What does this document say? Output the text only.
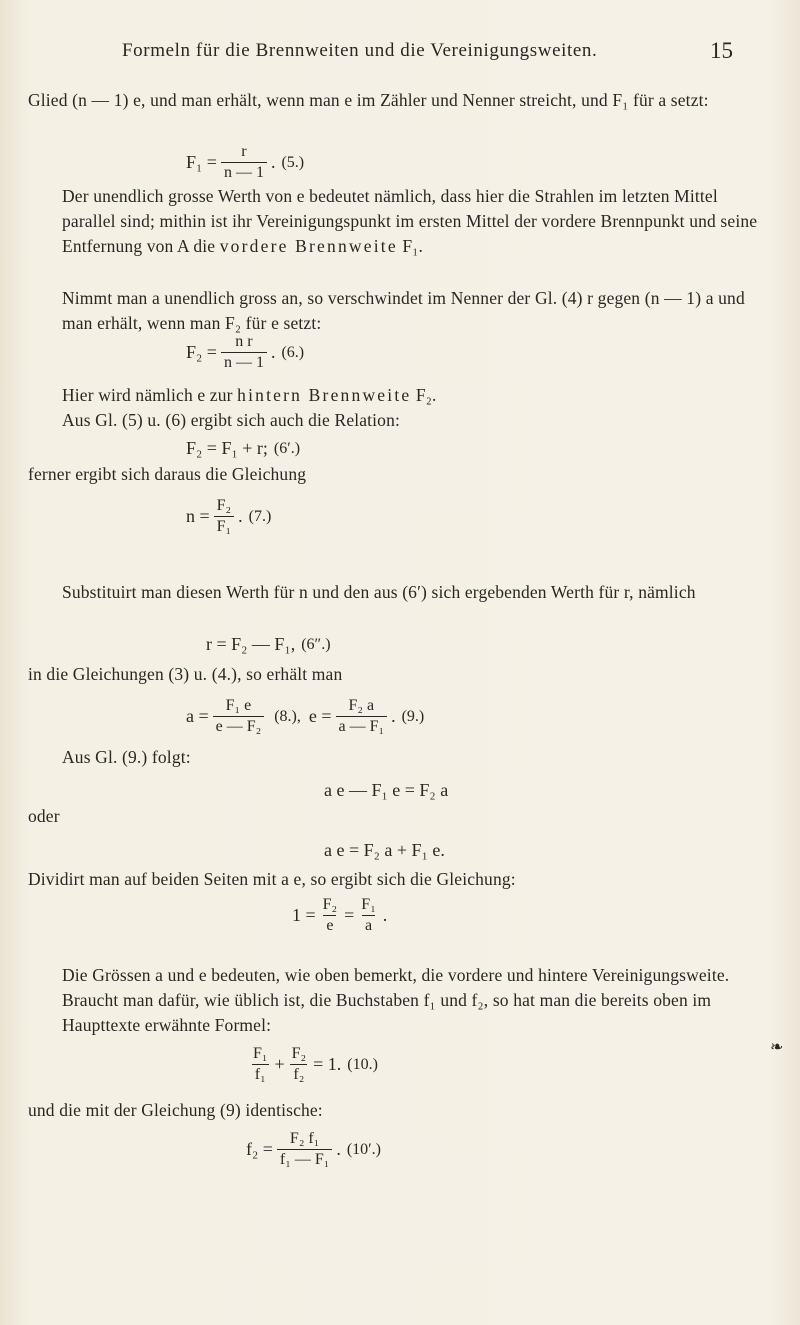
Formeln für die Brennweiten und die Vereinigungsweiten.	15

Glied (n — 1) e, und man erhält, wenn man e im Zähler und Nenner streicht, und F₁ für a setzt:

$F_1 = \frac{r}{n — 1}$ . (5.)

Der unendlich grosse Werth von e bedeutet nämlich, dass hier die Strahlen im letzten Mittel parallel sind; mithin ist ihr Vereinigungspunkt im ersten Mittel der vordere Brennpunkt und seine Entfernung von A die vordere Brennweite F₁.

Nimmt man a unendlich gross an, so verschwindet im Nenner der Gl. (4) r gegen (n — 1) a und man erhält, wenn man F₂ für e setzt:

$F_2 = \frac{\text{n r}}{n — 1}$ . (6.)

Hier wird nämlich e zur hintern Brennweite F₂.

Aus Gl. (5) u. (6) ergibt sich auch die Relation:

F₂ = F₁ + r; (6′.)

ferner ergibt sich daraus die Gleichung

$n = \frac{\text{F₂}}{\text{F₁}}$ . (7.)

Substituirt man diesen Werth für n und den aus (6′) sich ergebenden Werth für r, nämlich

r = F₂ — F₁, (6″.)

in die Gleichungen (3) u. (4.), so erhält man

$a = \frac{\text{F₁ e}}{\text{e — F₂}} (8.)$, $e = \frac{\text{F₂ a}}{\text{a — F₁}}$ . (9.)

Aus Gl. (9.) folgt:

a e — F₁ e = F₂ a

oder

a e = F₂ a + F₁ e.

Dividirt man auf beiden Seiten mit a e, so ergibt sich die Gleichung:

$1 = \frac{\text{F₂}}{e} = \frac{\text{F₁}}{a}$ .

Die Grössen a und e bedeuten, wie oben bemerkt, die vordere und hintere Vereinigungsweite. Braucht man dafür, wie üblich ist, die Buchstaben f₁ und f₂, so hat man die bereits oben im Haupttexte erwähnte Formel:

$\frac{\text{F₁}}{\text{f₁}} + \frac{\text{F₂}}{\text{f₂}} = 1$. (10.)
❧

und die mit der Gleichung (9) identische:

$f_2 = \frac{\text{F₂ f₁}}{\text{f₁ — F₁}}$ . (10′.)
